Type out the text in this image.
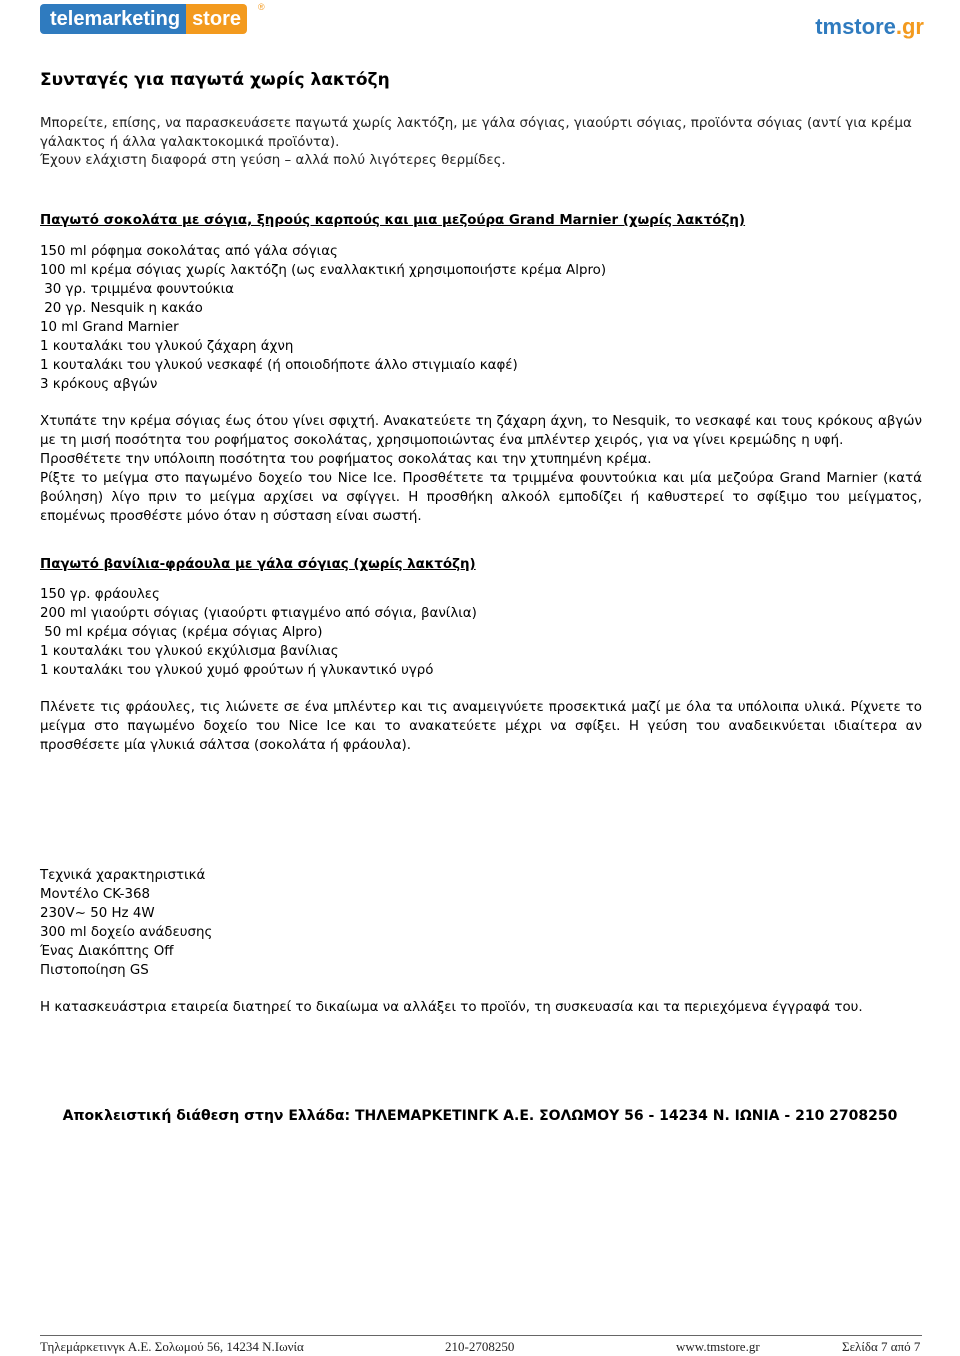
telemarketing store
®
tmstore.gr
Συνταγές για παγωτά χωρίς λακτόζη
Μπορείτε, επίσης, να παρασκευάσετε παγωτά χωρίς λακτόζη, με γάλα σόγιας, γιαούρτι σόγιας, προϊόντα σόγιας (αντί για κρέμα
γάλακτος ή άλλα γαλακτοκομικά προϊόντα).
Έχουν ελάχιστη διαφορά στη γεύση – αλλά πολύ λιγότερες θερμίδες.

Παγωτό σοκολάτα με σόγια, ξηρούς καρπούς και μια μεζούρα Grand Marnier (χωρίς λακτόζη)

150 ml ρόφημα σοκολάτας από γάλα σόγιας
100 ml κρέμα σόγιας χωρίς λακτόζη (ως εναλλακτική χρησιμοποιήστε κρέμα Alpro)
30 γρ. τριμμένα φουντούκια
20 γρ. Nesquik η κακάο
10 ml Grand Marnier
1 κουταλάκι του γλυκού ζάχαρη άχνη
1 κουταλάκι του γλυκού νεσκαφέ (ή οποιοδήποτε άλλο στιγμιαίο καφέ)
3 κρόκους αβγών

Χτυπάτε την κρέμα σόγιας έως ότου γίνει σφιχτή. Ανακατεύετε τη ζάχαρη άχνη, το Nesquik, το νεσκαφέ και τους κρόκους αβγών με τη μισή ποσότητα του ροφήματος σοκολάτας, χρησιμοποιώντας ένα μπλέντερ χειρός, για να γίνει κρεμώδης η υφή.

Προσθέτετε την υπόλοιπη ποσότητα του ροφήματος σοκολάτας και την χτυπημένη κρέμα.

Ρίξτε το μείγμα στο παγωμένο δοχείο του Nice Ice. Προσθέτετε τα τριμμένα φουντούκια και μία μεζούρα Grand Marnier (κατά βούληση) λίγο πριν το μείγμα αρχίσει να σφίγγει. Η προσθήκη αλκοόλ εμποδίζει ή καθυστερεί το σφίξιμο του μείγματος, επομένως προσθέστε μόνο όταν η σύσταση είναι σωστή.

Παγωτό βανίλια-φράουλα με γάλα σόγιας (χωρίς λακτόζη)

150 γρ. φράουλες
200 ml γιαούρτι σόγιας (γιαούρτι φτιαγμένο από σόγια, βανίλια)
50 ml κρέμα σόγιας (κρέμα σόγιας Alpro)
1 κουταλάκι του γλυκού εκχύλισμα βανίλιας
1 κουταλάκι του γλυκού χυμό φρούτων ή γλυκαντικό υγρό

Πλένετε τις φράουλες, τις λιώνετε σε ένα μπλέντερ και τις αναμειγνύετε προσεκτικά μαζί με όλα τα υπόλοιπα υλικά. Ρίχνετε το μείγμα στο παγωμένο δοχείο του Nice Ice και το ανακατεύετε μέχρι να σφίξει. Η γεύση του αναδεικνύεται ιδιαίτερα αν προσθέσετε μία γλυκιά σάλτσα (σοκολάτα ή φράουλα).

Τεχνικά χαρακτηριστικά
Μοντέλο CK-368
230V~ 50 Hz 4W
300 ml δοχείο ανάδευσης
Ένας Διακόπτης Off
Πιστοποίηση GS
Η κατασκευάστρια εταιρεία διατηρεί το δικαίωμα να αλλάξει το προϊόν, τη συσκευασία και τα περιεχόμενα έγγραφά του.
Αποκλειστική διάθεση στην Ελλάδα: ΤΗΛΕΜΑΡΚΕΤΙΝΓΚ Α.Ε. ΣΟΛΩΜΟΥ 56 - 14234 Ν. ΙΩΝΙΑ - 210 2708250
Τηλεμάρκετινγκ Α.Ε. Σολωμού 56, 14234 Ν.Ιωνία	210-2708250	www.tmstore.gr	Σελίδα 7 από 7
